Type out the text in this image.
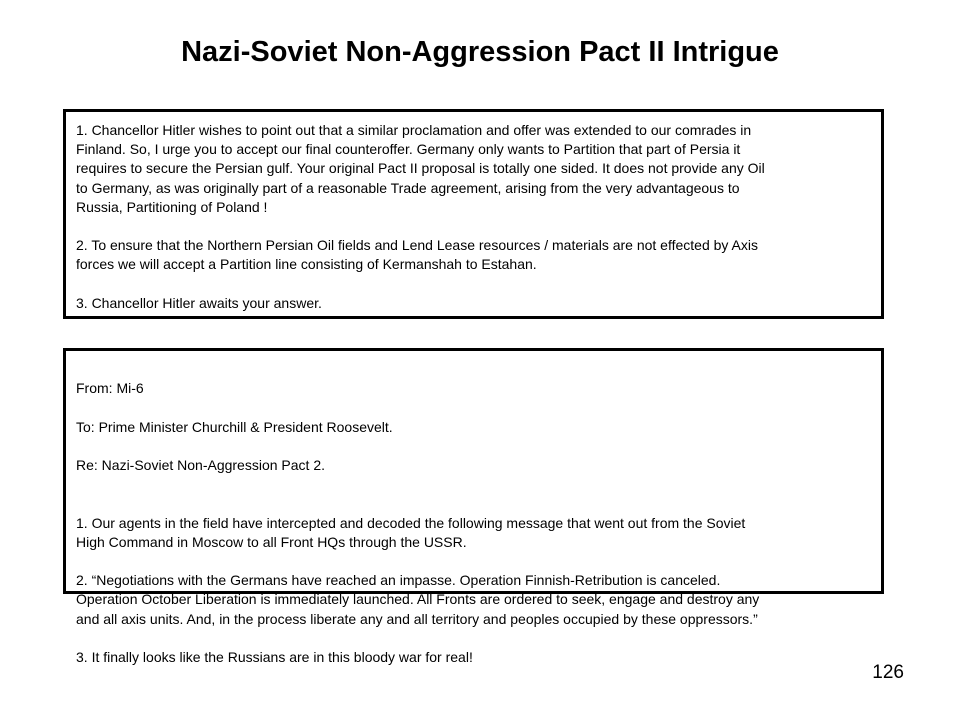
Nazi-Soviet Non-Aggression Pact II Intrigue

1. Chancellor Hitler wishes to point out that a similar proclamation and offer was extended to our comrades in
Finland. So, I urge you to accept our final counteroffer. Germany only wants to Partition that part of Persia it
requires to secure the Persian gulf. Your original Pact II proposal is totally one sided. It does not provide any Oil
to Germany, as was originally part of a reasonable Trade agreement, arising from the very advantageous to
Russia, Partitioning of Poland !

2. To ensure that the Northern Persian Oil fields and Lend Lease resources / materials are not effected by Axis
forces we will accept a Partition line consisting of Kermanshah to Estahan.

3. Chancellor Hitler awaits your answer.

From: Mi-6

To: Prime Minister Churchill & President Roosevelt.

Re: Nazi-Soviet Non-Aggression Pact 2.

1. Our agents in the field have intercepted and decoded the following message that went out from the Soviet
High Command in Moscow to all Front HQs through the USSR.

2. “Negotiations with the Germans have reached an impasse. Operation Finnish-Retribution is canceled.
Operation October Liberation is immediately launched. All Fronts are ordered to seek, engage and destroy any
and all axis units. And, in the process liberate any and all territory and peoples occupied by these oppressors.”

3. It finally looks like the Russians are in this bloody war for real!

126
